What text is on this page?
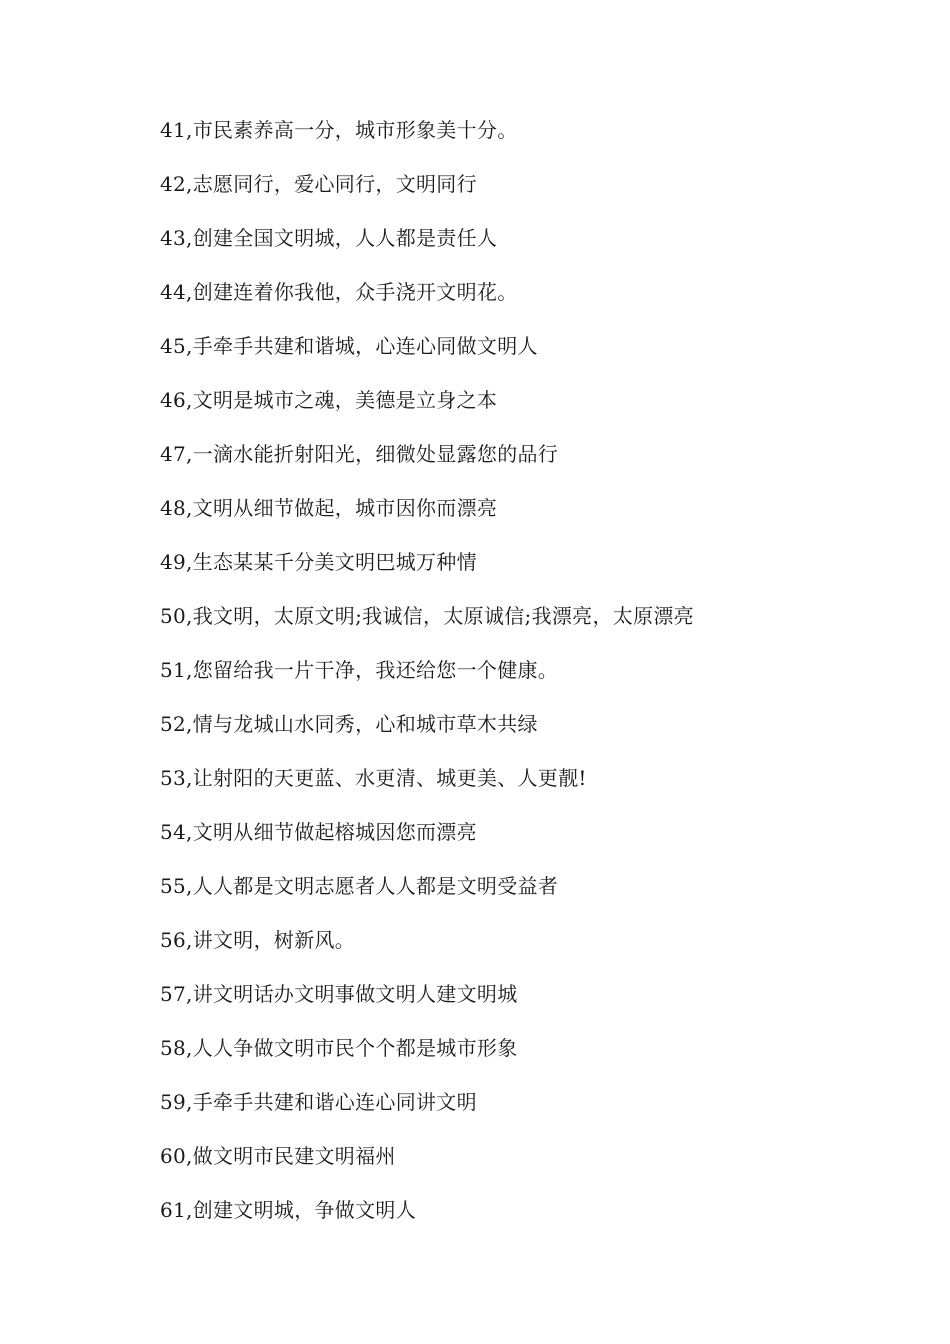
41,市民素养高一分，城市形象美十分。
42,志愿同行，爱心同行，文明同行
43,创建全国文明城，人人都是责任人
44,创建连着你我他，众手浇开文明花。
45,手牵手共建和谐城，心连心同做文明人
46,文明是城市之魂，美德是立身之本
47,一滴水能折射阳光，细微处显露您的品行
48,文明从细节做起，城市因你而漂亮
49,生态某某千分美文明巴城万种情
50,我文明，太原文明;我诚信，太原诚信;我漂亮，太原漂亮
51,您留给我一片干净，我还给您一个健康。
52,情与龙城山水同秀，心和城市草木共绿
53,让射阳的天更蓝、水更清、城更美、人更靓!
54,文明从细节做起榕城因您而漂亮
55,人人都是文明志愿者人人都是文明受益者
56,讲文明，树新风。
57,讲文明话办文明事做文明人建文明城
58,人人争做文明市民个个都是城市形象
59,手牵手共建和谐心连心同讲文明
60,做文明市民建文明福州
61,创建文明城，争做文明人
